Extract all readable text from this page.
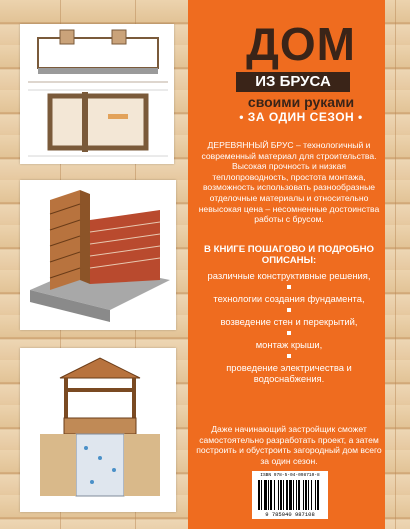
ДОМ
ИЗ БРУСА
своими руками
• ЗА ОДИН СЕЗОН •
ДЕРЕВЯННЫЙ БРУС – технологичный и современный материал для строительства. Высокая прочность и низкая теплопроводность, простота монтажа, возможность использовать разнообразные отделочные материалы и относительно невысокая цена – несомненные достоинства работы с брусом.
В КНИГЕ ПОШАГОВО И ПОДРОБНО ОПИСАНЫ:
различные конструктивные решения,
технологии создания фундамента,
возведение стен и перекрытий,
монтаж крыши,
проведение электричества и водоснабжения.
Даже начинающий застройщик сможет самостоятельно разработать проект, а затем построить и обустроить загородный дом всего за один сезон.
ISBN 978-5-04-098710-8
9 785040 987108
